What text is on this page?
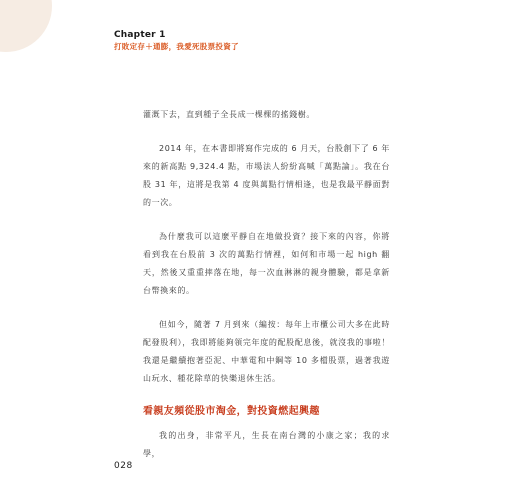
Chapter 1
打敗定存＋通膨，我愛死股票投資了

灌溉下去，直到種子全長成一棵棵的搖錢樹。

2014 年，在本書即將寫作完成的 6 月天，台股創下了 6 年來的新高點 9,324.4 點，市場法人紛紛高喊「萬點論」。我在台股 31 年，這將是我第 4 度與萬點行情相逢，也是我最平靜面對的一次。

為什麼我可以這麼平靜自在地做投資？接下來的內容，你將看到我在台股前 3 次的萬點行情裡，如何和市場一起 high 翻天，然後又重重摔落在地，每一次血淋淋的親身體驗，都是拿新台幣換來的。

但如今，隨著 7 月到來（編按：每年上市櫃公司大多在此時配發股利），我即將能夠領完年度的配股配息後，就沒我的事啦！我還是繼續抱著亞泥、中華電和中鋼等 10 多檔股票，過著我遊山玩水、種花除草的快樂退休生活。

看親友頻從股市淘金，對投資燃起興趣

我的出身，非常平凡，生長在南台灣的小康之家；我的求學，

028
